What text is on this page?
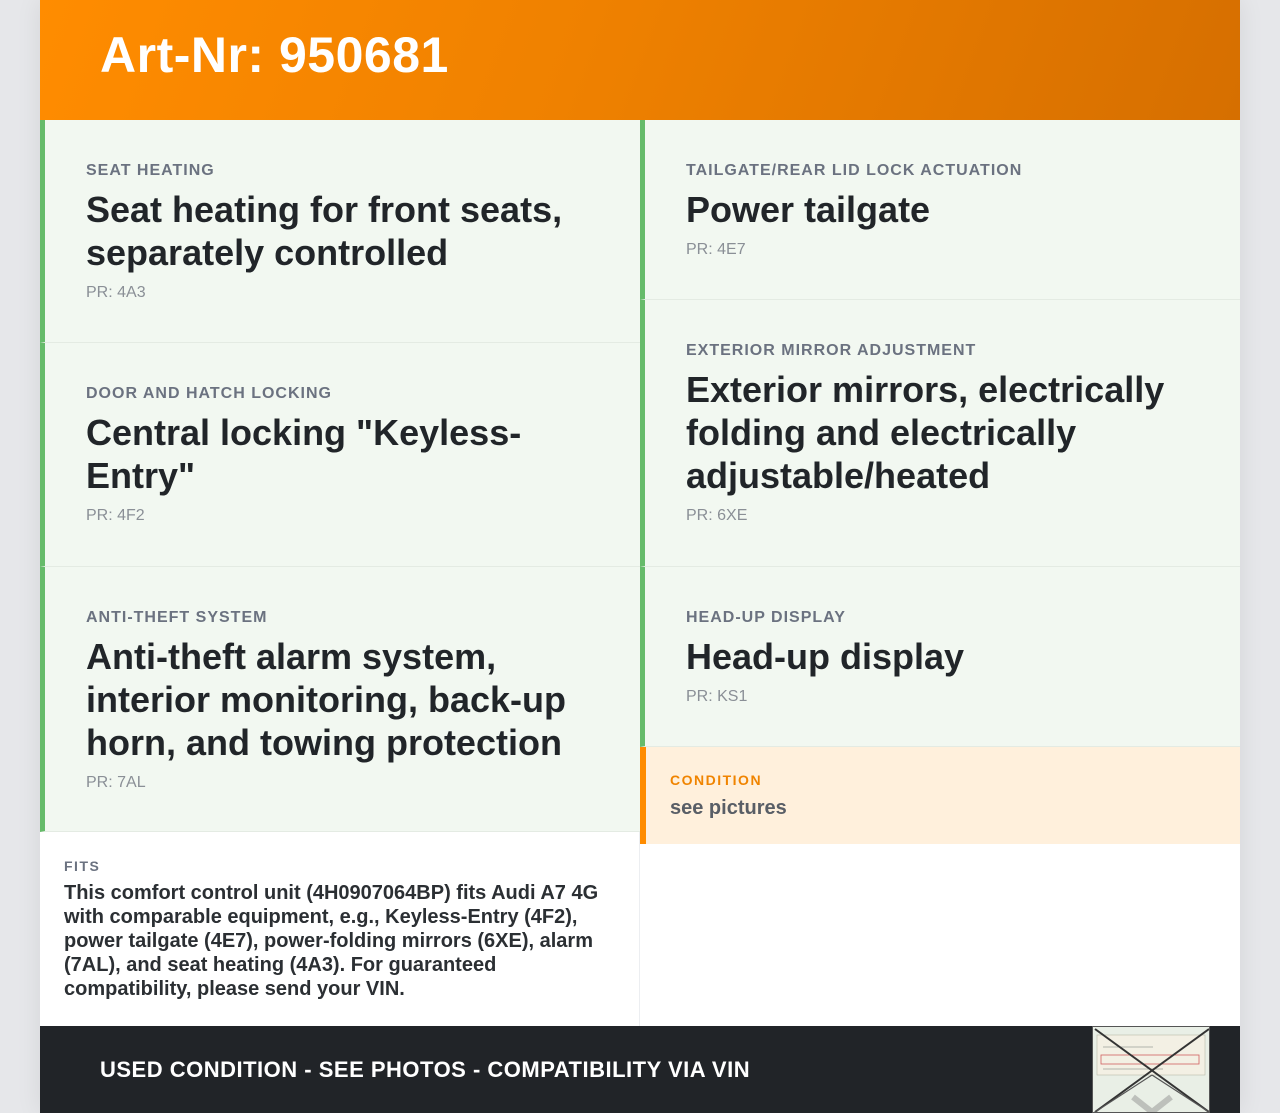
Art-Nr: 950681
SEAT HEATING
Seat heating for front seats, separately controlled
PR: 4A3
DOOR AND HATCH LOCKING
Central locking "Keyless-Entry"
PR: 4F2
ANTI-THEFT SYSTEM
Anti-theft alarm system, interior monitoring, back-up horn, and towing protection
PR: 7AL
TAILGATE/REAR LID LOCK ACTUATION
Power tailgate
PR: 4E7
EXTERIOR MIRROR ADJUSTMENT
Exterior mirrors, electrically folding and electrically adjustable/heated
PR: 6XE
HEAD-UP DISPLAY
Head-up display
PR: KS1
CONDITION
see pictures
FITS
This comfort control unit (4H0907064BP) fits Audi A7 4G with comparable equipment, e.g., Keyless-Entry (4F2), power tailgate (4E7), power-folding mirrors (6XE), alarm (7AL), and seat heating (4A3). For guaranteed compatibility, please send your VIN.
USED CONDITION - SEE PHOTOS - COMPATIBILITY VIA VIN
